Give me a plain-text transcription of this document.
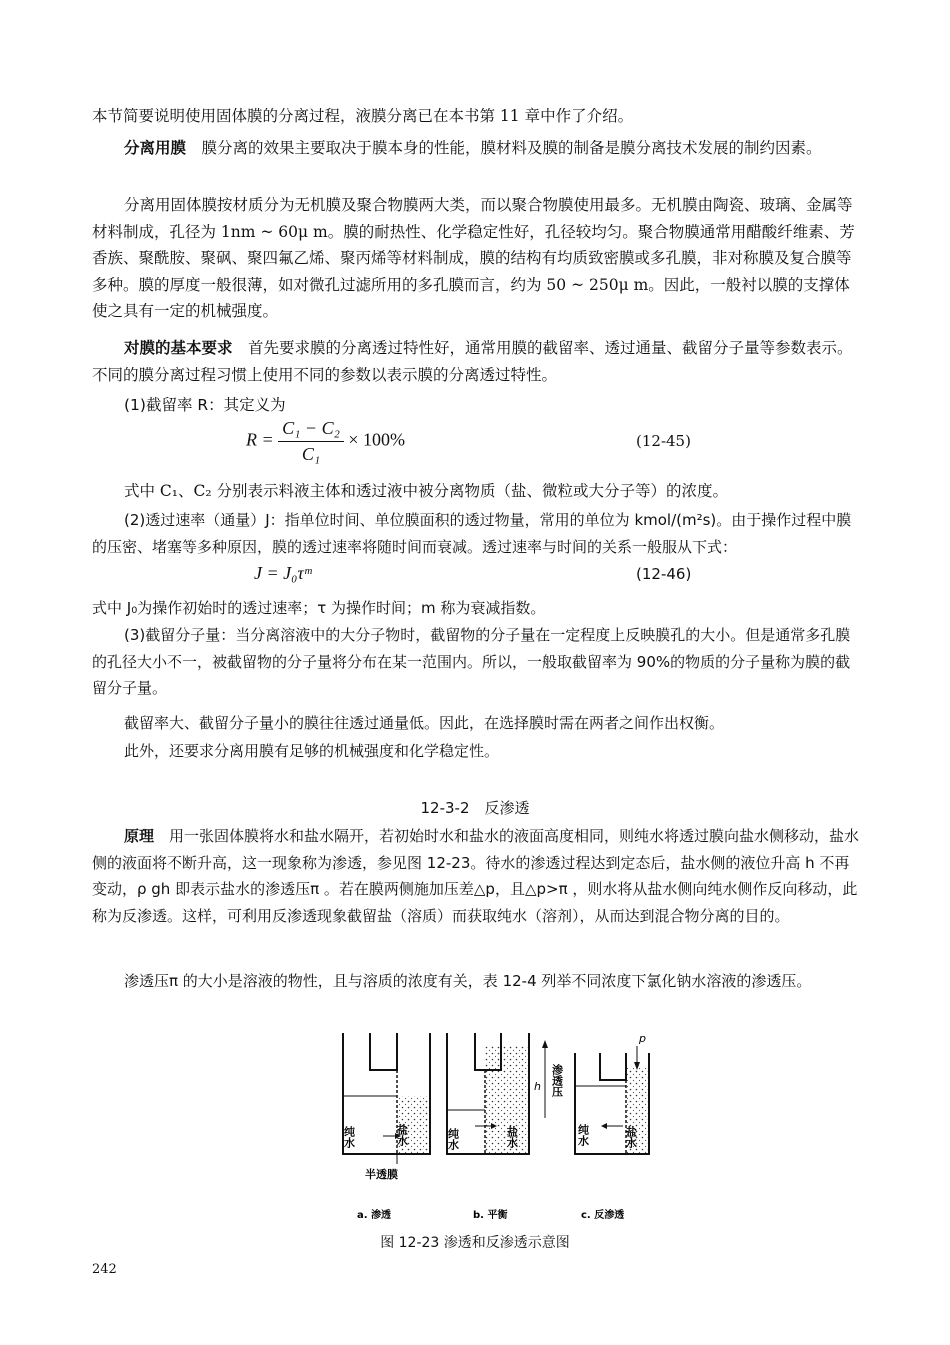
本节简要说明使用固体膜的分离过程，液膜分离已在本书第 11 章中作了介绍。

分离用膜　膜分离的效果主要取决于膜本身的性能，膜材料及膜的制备是膜分离技术发展的制约因素。

分离用固体膜按材质分为无机膜及聚合物膜两大类，而以聚合物膜使用最多。无机膜由陶瓷、玻璃、金属等材料制成，孔径为 1nm ~ 60μ m。膜的耐热性、化学稳定性好，孔径较均匀。聚合物膜通常用醋酸纤维素、芳香族、聚酰胺、聚砜、聚四氟乙烯、聚丙烯等材料制成，膜的结构有均质致密膜或多孔膜，非对称膜及复合膜等多种。膜的厚度一般很薄，如对微孔过滤所用的多孔膜而言，约为 50 ~ 250μ m。因此，一般衬以膜的支撑体使之具有一定的机械强度。

对膜的基本要求　首先要求膜的分离透过特性好，通常用膜的截留率、透过通量、截留分子量等参数表示。不同的膜分离过程习惯上使用不同的参数以表示膜的分离透过特性。

(1)截留率 R：其定义为

$R = \frac{\text{C₁ − C₂}}{\text{C₁}} \times 100\%$	(12-45)

式中 C₁、C₂ 分别表示料液主体和透过液中被分离物质（盐、微粒或大分子等）的浓度。

(2)透过速率（通量）J：指单位时间、单位膜面积的透过物量，常用的单位为 kmol/(m²s)。由于操作过程中膜的压密、堵塞等多种原因，膜的透过速率将随时间而衰减。透过速率与时间的关系一般服从下式：

J = J₀τᵐ	(12-46)

式中 J₀为操作初始时的透过速率；τ 为操作时间；m 称为衰减指数。

(3)截留分子量：当分离溶液中的大分子物时，截留物的分子量在一定程度上反映膜孔的大小。但是通常多孔膜的孔径大小不一，被截留物的分子量将分布在某一范围内。所以，一般取截留率为 90%的物质的分子量称为膜的截留分子量。

截留率大、截留分子量小的膜往往透过通量低。因此，在选择膜时需在两者之间作出权衡。

此外，还要求分离用膜有足够的机械强度和化学稳定性。

12-3-2　反渗透

原理　用一张固体膜将水和盐水隔开，若初始时水和盐水的液面高度相同，则纯水将透过膜向盐水侧移动，盐水侧的液面将不断升高，这一现象称为渗透，参见图 12-23。待水的渗透过程达到定态后，盐水侧的液位升高 h 不再变动，ρ gh 即表示盐水的渗透压π 。若在膜两侧施加压差△p，且△p>π ，则水将从盐水侧向纯水侧作反向移动，此称为反渗透。这样，可利用反渗透现象截留盐（溶质）而获取纯水（溶剂），从而达到混合物分离的目的。

渗透压π 的大小是溶液的物性，且与溶质的浓度有关，表 12-4 列举不同浓度下氯化钠水溶液的渗透压。

纯水	盐水
半透膜
纯水	盐水
h 渗透压
p
纯水	盐水
a. 渗透	b. 平衡	c. 反渗透
图 12-23 渗透和反渗透示意图
242
